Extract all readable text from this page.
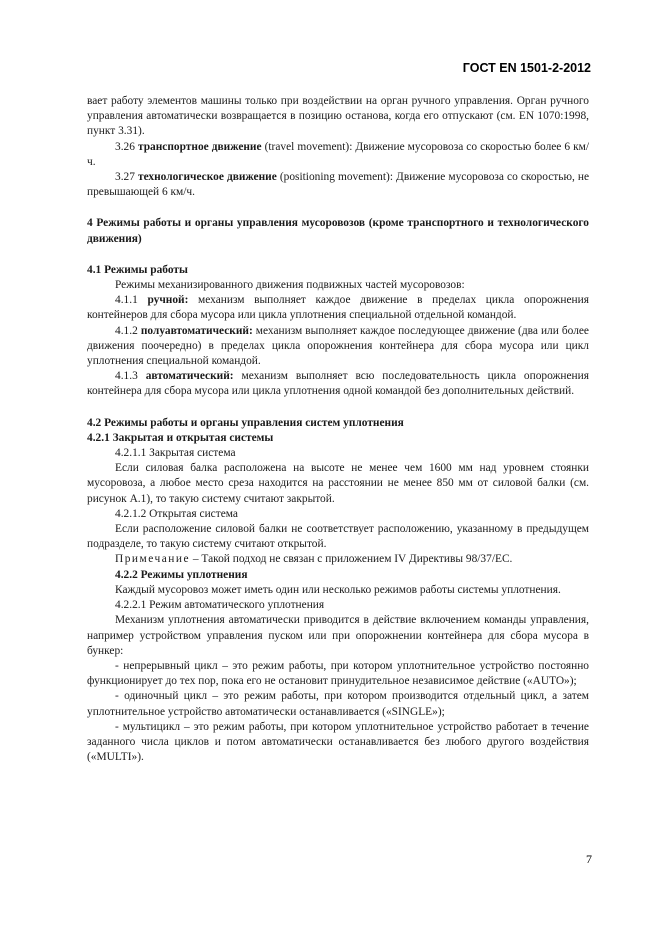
ГОСТ EN 1501-2-2012

вает работу элементов машины только при воздействии на орган ручного управления. Орган ручного управления автоматически возвращается в позицию останова, когда его отпускают (см. EN 1070:1998, пункт 3.31).

3.26 транспортное движение (travel movement): Движение мусоровоза со скоростью более 6 км/ч.

3.27 технологическое движение (positioning movement): Движение мусоровоза со скоростью, не превышающей 6 км/ч.

4 Режимы работы и органы управления мусоровозов (кроме транспортного и технологического движения)

4.1 Режимы работы

Режимы механизированного движения подвижных частей мусоровозов:

4.1.1 ручной: механизм выполняет каждое движение в пределах цикла опорожнения контейнеров для сбора мусора или цикла уплотнения специальной отдельной командой.

4.1.2 полуавтоматический: механизм выполняет каждое последующее движение (два или более движения поочередно) в пределах цикла опорожнения контейнера для сбора мусора или цикл уплотнения специальной командой.

4.1.3 автоматический: механизм выполняет всю последовательность цикла опорожнения контейнера для сбора мусора или цикла уплотнения одной командой без дополнительных действий.

4.2 Режимы работы и органы управления систем уплотнения

4.2.1 Закрытая и открытая системы

4.2.1.1 Закрытая система

Если силовая балка расположена на высоте не менее чем 1600 мм над уровнем стоянки мусоровоза, а любое место среза находится на расстоянии не менее 850 мм от силовой балки (см. рисунок А.1), то такую систему считают закрытой.

4.2.1.2 Открытая система

Если расположение силовой балки не соответствует расположению, указанному в предыдущем подразделе, то такую систему считают открытой.

Примечание – Такой подход не связан с приложением IV Директивы 98/37/ЕС.

4.2.2 Режимы уплотнения

Каждый мусоровоз может иметь один или несколько режимов работы системы уплотнения.

4.2.2.1 Режим автоматического уплотнения

Механизм уплотнения автоматически приводится в действие включением команды управления, например устройством управления пуском или при опорожнении контейнера для сбора мусора в бункер:

- непрерывный цикл – это режим работы, при котором уплотнительное устройство постоянно функционирует до тех пор, пока его не остановит принудительное независимое действие («AUTO»);

- одиночный цикл – это режим работы, при котором производится отдельный цикл, а затем уплотнительное устройство автоматически останавливается («SINGLE»);

- мультицикл – это режим работы, при котором уплотнительное устройство работает в течение заданного числа циклов и потом автоматически останавливается без любого другого воздействия («MULTI»).

7
